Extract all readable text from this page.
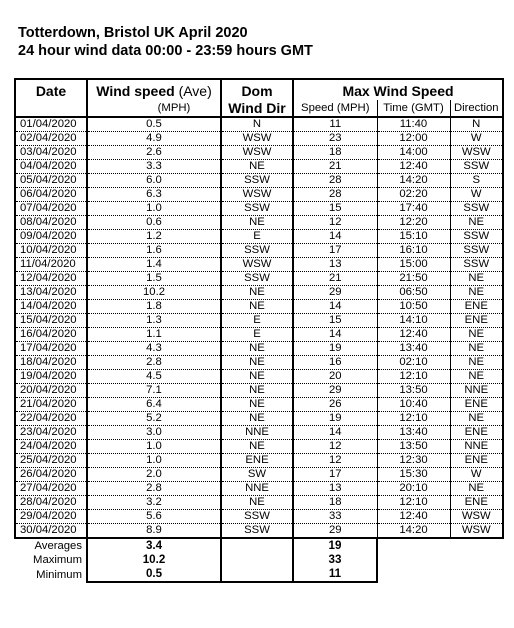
Totterdown, Bristol UK April 2020
24 hour wind data 00:00 - 23:59 hours GMT
Date	Wind speed (Ave)	Dom	Max Wind Speed		
	(MPH)	Wind Dir	Speed (MPH)	Time (GMT)	Direction
01/04/2020	0.5	N	11	11:40	N
02/04/2020	4.9	WSW	23	12:00	W
03/04/2020	2.6	WSW	18	14:00	WSW
04/04/2020	3.3	NE	21	12:40	SSW
05/04/2020	6.0	SSW	28	14:20	S
06/04/2020	6.3	WSW	28	02:20	W
07/04/2020	1.0	SSW	15	17:40	SSW
08/04/2020	0.6	NE	12	12:20	NE
09/04/2020	1.2	E	14	15:10	SSW
10/04/2020	1.6	SSW	17	16:10	SSW
11/04/2020	1.4	WSW	13	15:00	SSW
12/04/2020	1.5	SSW	21	21:50	NE
13/04/2020	10.2	NE	29	06:50	NE
14/04/2020	1.8	NE	14	10:50	ENE
15/04/2020	1.3	E	15	14:10	ENE
16/04/2020	1.1	E	14	12:40	NE
17/04/2020	4.3	NE	19	13:40	NE
18/04/2020	2.8	NE	16	02:10	NE
19/04/2020	4.5	NE	20	12:10	NE
20/04/2020	7.1	NE	29	13:50	NNE
21/04/2020	6.4	NE	26	10:40	ENE
22/04/2020	5.2	NE	19	12:10	NE
23/04/2020	3.0	NNE	14	13:40	ENE
24/04/2020	1.0	NE	12	13:50	NNE
25/04/2020	1.0	ENE	12	12:30	ENE
26/04/2020	2.0	SW	17	15:30	W
27/04/2020	2.8	NNE	13	20:10	NE
28/04/2020	3.2	NE	18	12:10	ENE
29/04/2020	5.6	SSW	33	12:40	WSW
30/04/2020	8.9	SSW	29	14:20	WSW
Averages	3.4		19		
Maximum	10.2		33		
Minimum	0.5		11		
